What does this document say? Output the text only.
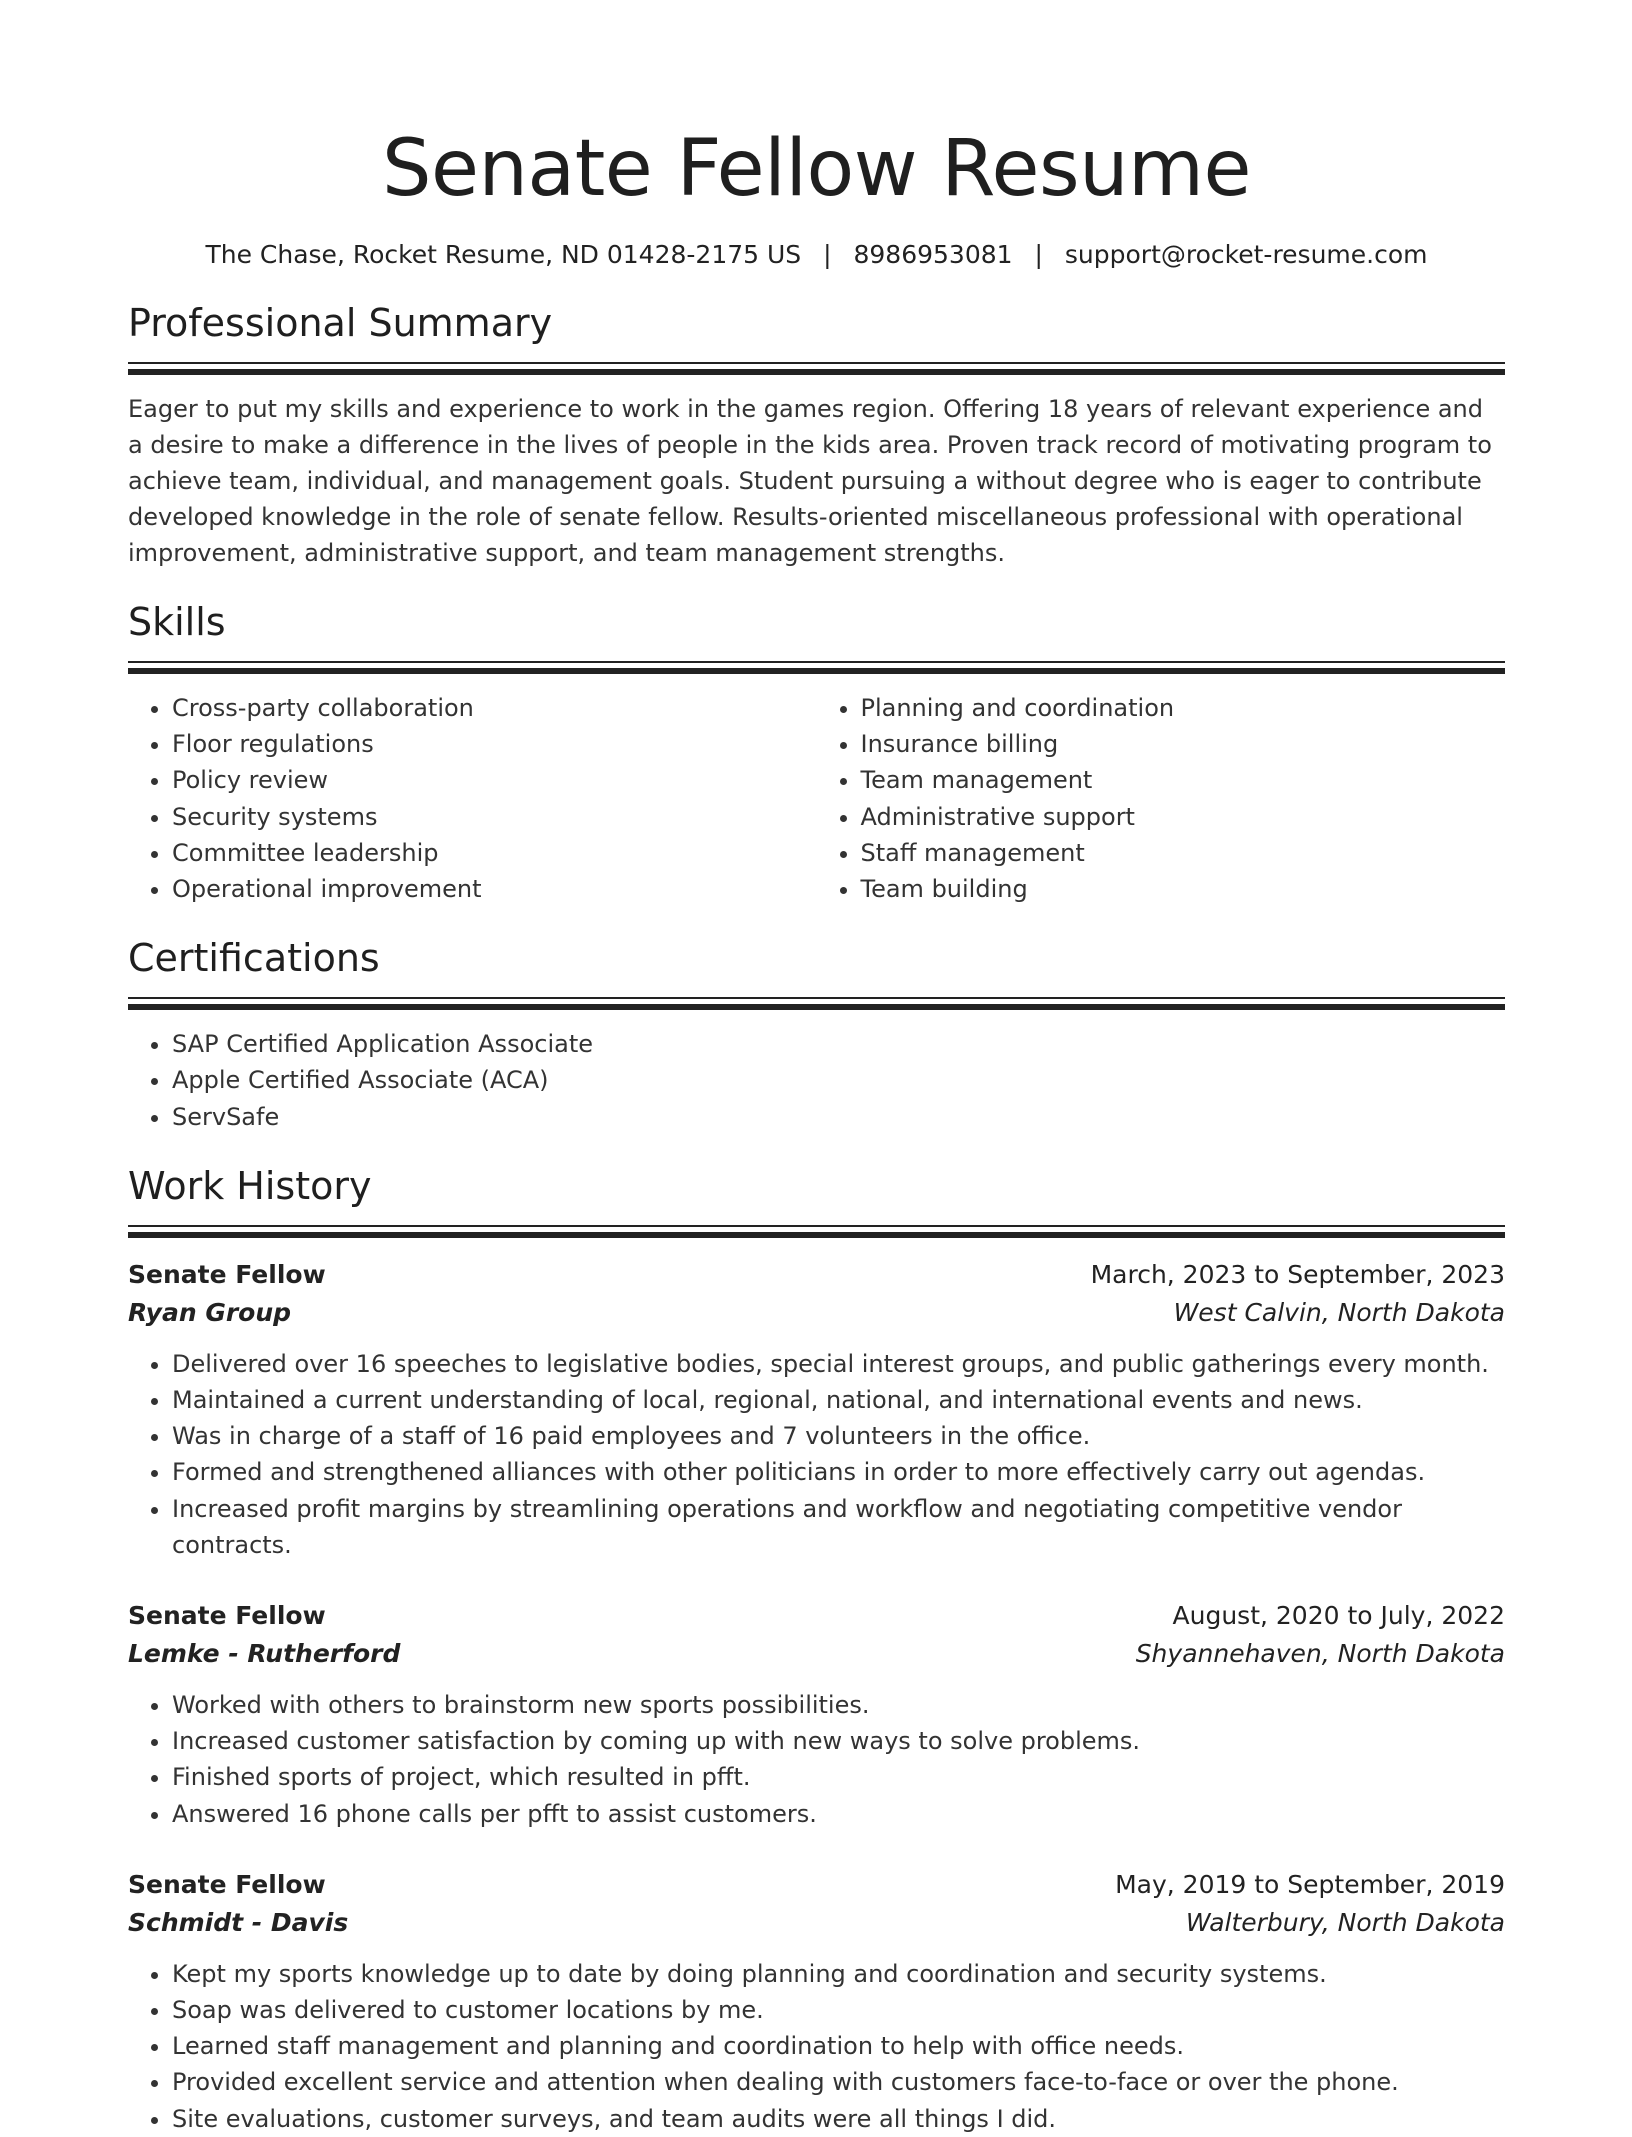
Senate Fellow Resume
The Chase, Rocket Resume, ND 01428-2175 US | 8986953081 | support@rocket-resume.com
Professional Summary

Eager to put my skills and experience to work in the games region. Offering 18 years of relevant experience and a desire to make a difference in the lives of people in the kids area. Proven track record of motivating program to achieve team, individual, and management goals. Student pursuing a without degree who is eager to contribute developed knowledge in the role of senate fellow. Results-oriented miscellaneous professional with operational improvement, administrative support, and team management strengths.

Skills
• Cross-party collaboration
• Floor regulations
• Policy review
• Security systems
• Committee leadership
• Operational improvement
• Planning and coordination
• Insurance billing
• Team management
• Administrative support
• Staff management
• Team building
Certifications
• SAP Certified Application Associate
• Apple Certified Associate (ACA)
• ServSafe
Work History
Senate Fellow	March, 2023 to September, 2023
Ryan Group	West Calvin, North Dakota
• Delivered over 16 speeches to legislative bodies, special interest groups, and public gatherings every month.
• Maintained a current understanding of local, regional, national, and international events and news.
• Was in charge of a staff of 16 paid employees and 7 volunteers in the office.
• Formed and strengthened alliances with other politicians in order to more effectively carry out agendas.
• Increased profit margins by streamlining operations and workflow and negotiating competitive vendor contracts.
Senate Fellow	August, 2020 to July, 2022
Lemke - Rutherford	Shyannehaven, North Dakota
• Worked with others to brainstorm new sports possibilities.
• Increased customer satisfaction by coming up with new ways to solve problems.
• Finished sports of project, which resulted in pfft.
• Answered 16 phone calls per pfft to assist customers.
Senate Fellow	May, 2019 to September, 2019
Schmidt - Davis	Walterbury, North Dakota
• Kept my sports knowledge up to date by doing planning and coordination and security systems.
• Soap was delivered to customer locations by me.
• Learned staff management and planning and coordination to help with office needs.
• Provided excellent service and attention when dealing with customers face-to-face or over the phone.
• Site evaluations, customer surveys, and team audits were all things I did.
